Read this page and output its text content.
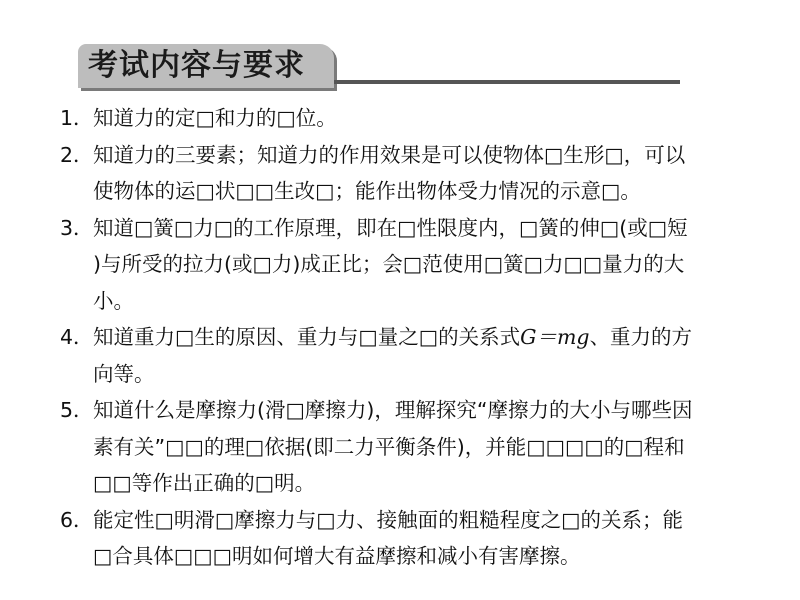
考试内容与要求
1． 知道力的定□和力的□位。
2． 知道力的三要素；知道力的作用效果是可以使物体□生形□，可以
使物体的运□状□□生改□；能作出物体受力情况的示意□。
3． 知道□簧□力□的工作原理，即在□性限度内，□簧的伸□(或□短
)与所受的拉力(或□力)成正比；会□范使用□簧□力□□量力的大
小。
4． 知道重力□生的原因、重力与□量之□的关系式G＝mg、重力的方
向等。
5． 知道什么是摩擦力(滑□摩擦力)，理解探究“摩擦力的大小与哪些因
素有关”□□的理□依据(即二力平衡条件)，并能□□□□的□程和
□□等作出正确的□明。
6． 能定性□明滑□摩擦力与□力、接触面的粗糙程度之□的关系；能
□合具体□□□明如何增大有益摩擦和减小有害摩擦。
